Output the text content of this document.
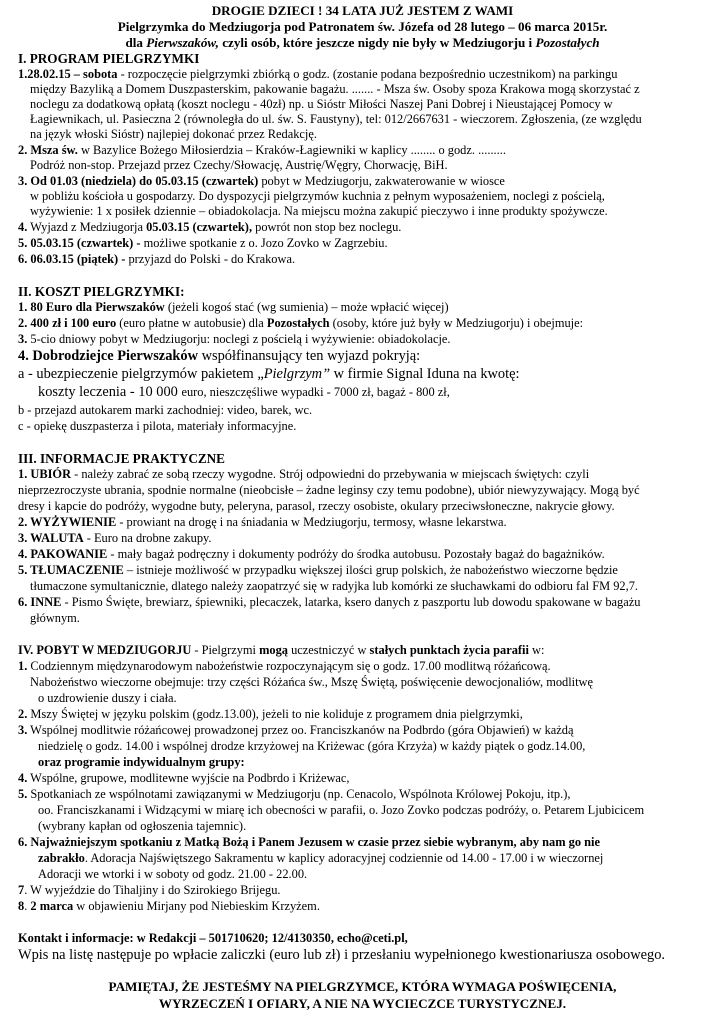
DROGIE DZIECI ! 34 LATA JUŻ JESTEM Z WAMI
Pielgrzymka do Medziugorja pod Patronatem św. Józefa od 28 lutego – 06 marca 2015r.
dla Pierwszaków, czyli osób, które jeszcze nigdy nie były w Medziugorju i Pozostałych
I. PROGRAM PIELGRZYMKI
1.28.02.15 – sobota - rozpoczęcie pielgrzymki zbiórką o godz. (zostanie podana bezpośrednio uczestnikom) na parkingu
między Bazyliką a Domem Duszpasterskim, pakowanie bagażu. ....... - Msza św. Osoby spoza Krakowa mogą skorzystać z
noclegu za dodatkową opłatą (koszt noclegu - 40zł) np. u Sióstr Miłości Naszej Pani Dobrej i Nieustającej Pomocy w
Łagiewnikach, ul. Pasieczna 2 (równoległa do ul. św. S. Faustyny), tel: 012/2667631 - wieczorem. Zgłoszenia, (ze względu
na język włoski Sióstr) najlepiej dokonać przez Redakcję.
2. Msza św. w Bazylice Bożego Miłosierdzia – Kraków-Łagiewniki w kaplicy ........ o godz. .........
Podróż non-stop. Przejazd przez Czechy/Słowację, Austrię/Węgry, Chorwację, BiH.
3. Od 01.03 (niedziela) do 05.03.15 (czwartek) pobyt w Medziugorju, zakwaterowanie w wiosce
w pobliżu kościoła u gospodarzy. Do dyspozycji pielgrzymów kuchnia z pełnym wyposażeniem, noclegi z pościelą,
wyżywienie: 1 x posiłek dziennie – obiadokolacja. Na miejscu można zakupić pieczywo i inne produkty spożywcze.
4. Wyjazd z Medziugorja 05.03.15 (czwartek), powrót non stop bez noclegu.
5. 05.03.15 (czwartek) - możliwe spotkanie z o. Jozo Zovko w Zagrzebiu.
6. 06.03.15 (piątek) - przyjazd do Polski - do Krakowa.
II. KOSZT PIELGRZYMKI:
1. 80 Euro dla Pierwszaków (jeżeli kogoś stać (wg sumienia) – może wpłacić więcej)
2. 400 zł i 100 euro (euro płatne w autobusie) dla Pozostałych (osoby, które już były w Medziugorju) i obejmuje:
3. 5-cio dniowy pobyt w Medziugorju: noclegi z pościelą i wyżywienie: obiadokolacje.
4. Dobrodziejce Pierwszaków współfinansujący ten wyjazd pokryją:
a - ubezpieczenie pielgrzymów pakietem „Pielgrzym” w firmie Signal Iduna na kwotę:
koszty leczenia - 10 000 euro, nieszczęśliwe wypadki - 7000 zł, bagaż - 800 zł,
b - przejazd autokarem marki zachodniej: video, barek, wc.
c - opiekę duszpasterza i pilota, materiały informacyjne.
III. INFORMACJE PRAKTYCZNE
1. UBIÓR - należy zabrać ze sobą rzeczy wygodne. Strój odpowiedni do przebywania w miejscach świętych: czyli
nieprzezroczyste ubrania, spodnie normalne (nieobcisłe – żadne leginsy czy temu podobne), ubiór niewyzywający. Mogą być
dresy i kapcie do podróży, wygodne buty, peleryna, parasol, rzeczy osobiste, okulary przeciwsłoneczne, nakrycie głowy.
2. WYŻYWIENIE - prowiant na drogę i na śniadania w Medziugorju, termosy, własne lekarstwa.
3. WALUTA - Euro na drobne zakupy.
4. PAKOWANIE - mały bagaż podręczny i dokumenty podróży do środka autobusu. Pozostały bagaż do bagażników.
5. TŁUMACZENIE – istnieje możliwość w przypadku większej ilości grup polskich, że nabożeństwo wieczorne będzie
tłumaczone symultanicznie, dlatego należy zaopatrzyć się w radyjka lub komórki ze słuchawkami do odbioru fal FM 92,7.
6. INNE - Pismo Święte, brewiarz, śpiewniki, plecaczek, latarka, ksero danych z paszportu lub dowodu spakowane w bagażu
głównym.
IV. POBYT W MEDZIUGORJU - Pielgrzymi mogą uczestniczyć w stałych punktach życia parafii w:
1. Codziennym międzynarodowym nabożeństwie rozpoczynającym się o godz. 17.00 modlitwą różańcową.
Nabożeństwo wieczorne obejmuje: trzy części Różańca św., Mszę Świętą, poświęcenie dewocjonaliów, modlitwę
o uzdrowienie duszy i ciała.
2. Mszy Świętej w języku polskim (godz.13.00), jeżeli to nie koliduje z programem dnia pielgrzymki,
3. Wspólnej modlitwie różańcowej prowadzonej przez oo. Franciszkanów na Podbrdo (góra Objawień) w każdą
niedzielę o godz. 14.00 i wspólnej drodze krzyżowej na Kriżewac (góra Krzyża) w każdy piątek o godz.14.00,
oraz programie indywidualnym grupy:
4. Wspólne, grupowe, modlitewne wyjście na Podbrdo i Kriżewac,
5. Spotkaniach ze wspólnotami zawiązanymi w Medziugorju (np. Cenacolo, Wspólnota Królowej Pokoju, itp.),
oo. Franciszkanami i Widzącymi w miarę ich obecności w parafii, o. Jozo Zovko podczas podróży, o. Petarem Ljubicicem
(wybrany kapłan od ogłoszenia tajemnic).
6. Najważniejszym spotkaniu z Matką Bożą i Panem Jezusem w czasie przez siebie wybranym, aby nam go nie
zabrakło. Adoracja Najświętszego Sakramentu w kaplicy adoracyjnej codziennie od 14.00 - 17.00 i w wieczornej
Adoracji we wtorki i w soboty od godz. 21.00 - 22.00.
7. W wyjeździe do Tihaljiny i do Szirokiego Brijegu.
8. 2 marca w objawieniu Mirjany pod Niebieskim Krzyżem.
Kontakt i informacje: w Redakcji – 501710620; 12/4130350, echo@ceti.pl,
Wpis na listę następuje po wpłacie zaliczki (euro lub zł) i przesłaniu wypełnionego kwestionariusza osobowego.
PAMIĘTAJ, ŻE JESTEŚMY NA PIELGRZYMCE, KTÓRA WYMAGA POŚWIĘCENIA,
WYRZECZEŃ I OFIARY, A NIE NA WYCIECZCE TURYSTYCZNEJ.
